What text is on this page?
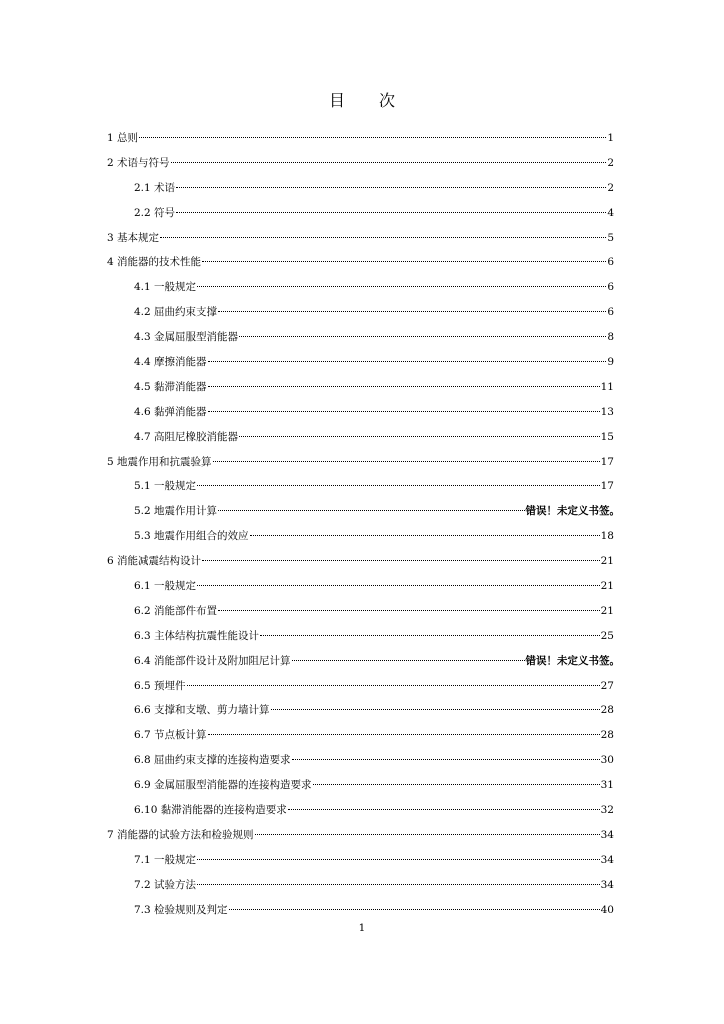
目 次
1 总则	1
2 术语与符号	2
2.1 术语	2
2.2 符号	4
3 基本规定	5
4 消能器的技术性能	6
4.1 一般规定	6
4.2 屈曲约束支撑	6
4.3 金属屈服型消能器	8
4.4 摩擦消能器	9
4.5 黏滞消能器	11
4.6 黏弹消能器	13
4.7 高阻尼橡胶消能器	15
5 地震作用和抗震验算	17
5.1 一般规定	17
5.2 地震作用计算	错误！未定义书签。
5.3 地震作用组合的效应	18
6 消能减震结构设计	21
6.1 一般规定	21
6.2 消能部件布置	21
6.3 主体结构抗震性能设计	25
6.4 消能部件设计及附加阻尼计算	错误！未定义书签。
6.5 预埋件	27
6.6 支撑和支墩、剪力墙计算	28
6.7 节点板计算	28
6.8 屈曲约束支撑的连接构造要求	30
6.9 金属屈服型消能器的连接构造要求	31
6.10 黏滞消能器的连接构造要求	32
7 消能器的试验方法和检验规则	34
7.1 一般规定	34
7.2 试验方法	34
7.3 检验规则及判定	40
1
